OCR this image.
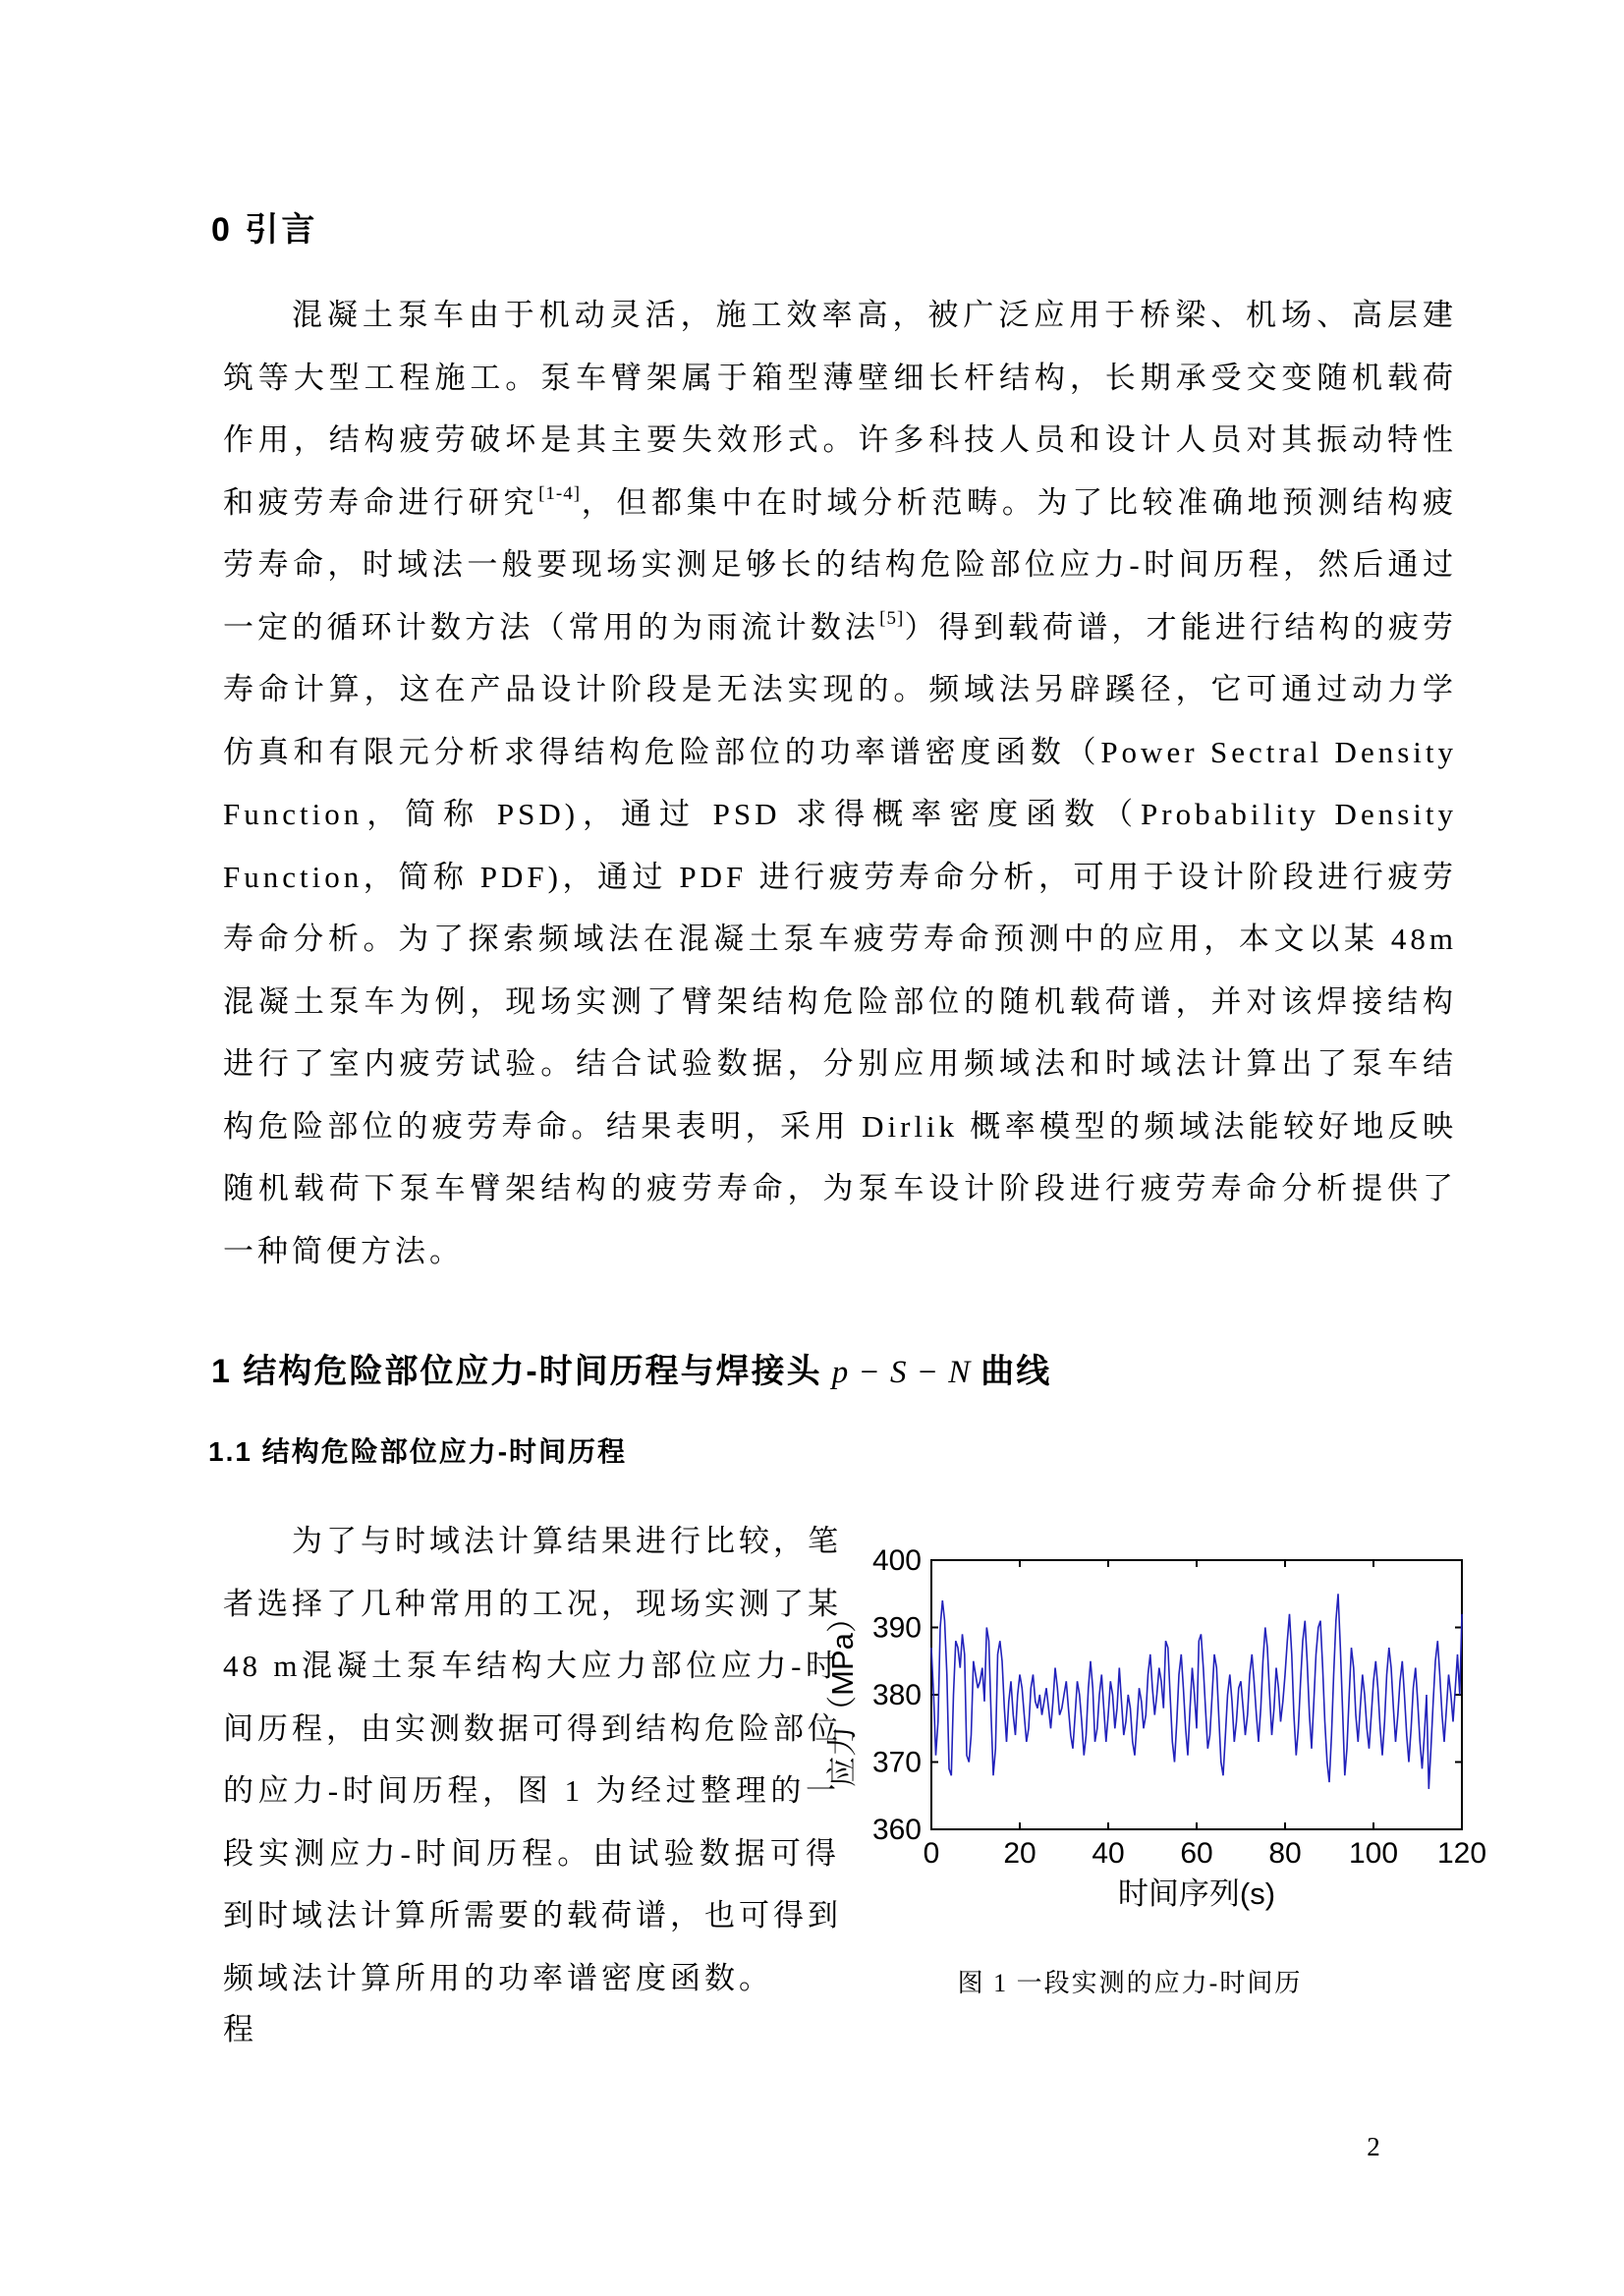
0 引言
混凝土泵车由于机动灵活，施工效率高，被广泛应用于桥梁、机场、高层建筑等大型工程施工。泵车臂架属于箱型薄壁细长杆结构，长期承受交变随机载荷作用，结构疲劳破坏是其主要失效形式。许多科技人员和设计人员对其振动特性和疲劳寿命进行研究[1-4]，但都集中在时域分析范畴。为了比较准确地预测结构疲劳寿命，时域法一般要现场实测足够长的结构危险部位应力-时间历程，然后通过一定的循环计数方法（常用的为雨流计数法[5]）得到载荷谱，才能进行结构的疲劳寿命计算，这在产品设计阶段是无法实现的。频域法另辟蹊径，它可通过动力学仿真和有限元分析求得结构危险部位的功率谱密度函数（Power Sectral Density Function，简称 PSD)，通过 PSD 求得概率密度函数（Probability Density Function，简称 PDF)，通过 PDF 进行疲劳寿命分析，可用于设计阶段进行疲劳寿命分析。为了探索频域法在混凝土泵车疲劳寿命预测中的应用，本文以某 48m 混凝土泵车为例，现场实测了臂架结构危险部位的随机载荷谱，并对该焊接结构进行了室内疲劳试验。结合试验数据，分别应用频域法和时域法计算出了泵车结构危险部位的疲劳寿命。结果表明，采用 Dirlik 概率模型的频域法能较好地反映随机载荷下泵车臂架结构的疲劳寿命，为泵车设计阶段进行疲劳寿命分析提供了一种简便方法。
1 结构危险部位应力-时间历程与焊接头 p − S − N 曲线
1.1 结构危险部位应力-时间历程
为了与时域法计算结果进行比较，笔
者选择了几种常用的工况，现场实测了某
48 m混凝土泵车结构大应力部位应力-时
间历程，由实测数据可得到结构危险部位
的应力-时间历程，图 1 为经过整理的一
段实测应力-时间历程。由试验数据可得
到时域法计算所需要的载荷谱，也可得到
频域法计算所用的功率谱密度函数。
0 20 40 60 80 100 120
360
370
380
390
400
时间序列(s)
应力（MPa）
图 1 一段实测的应力-时间历
程
2
